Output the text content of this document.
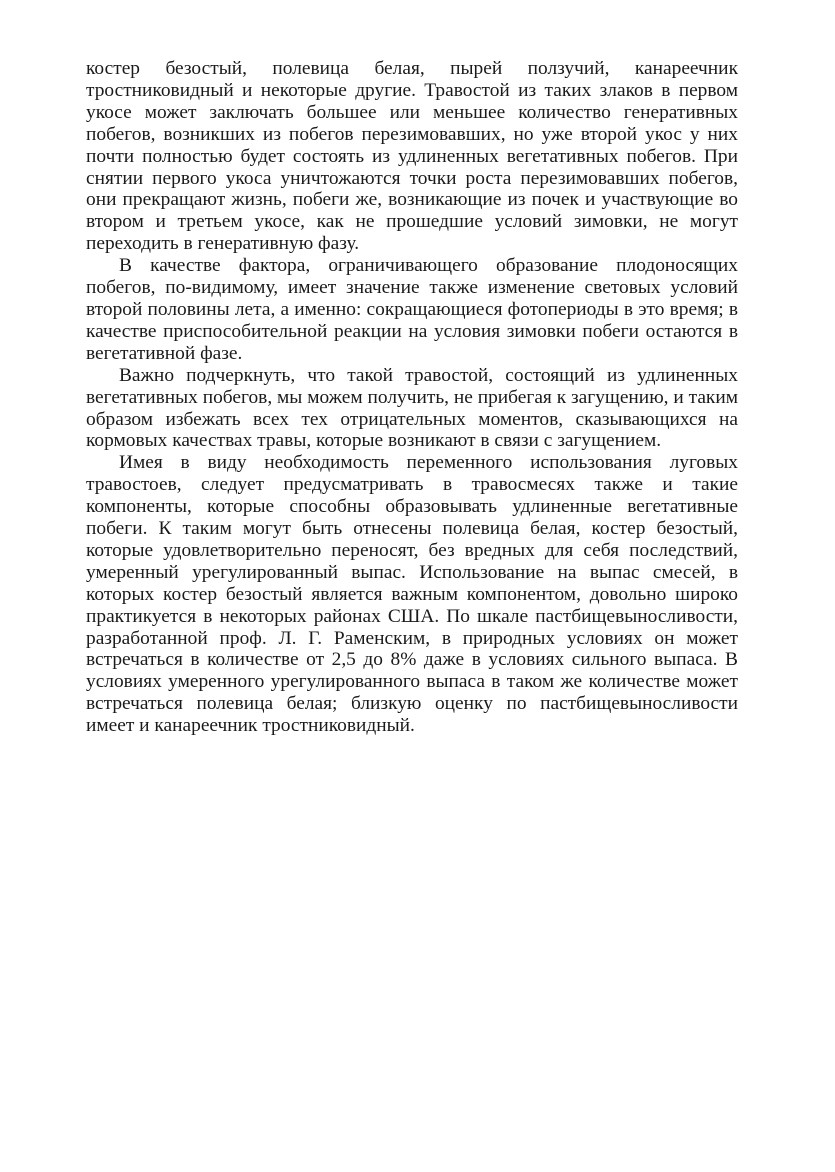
костер безостый, полевица белая, пырей ползучий, канареечник тростниковидный и некоторые другие. Травостой из таких злаков в первом укосе может заключать большее или меньшее количество генеративных побегов, возникших из побегов перезимовавших, но уже второй укос у них почти полностью будет состоять из удлиненных вегетативных побегов. При снятии первого укоса уничтожаются точки роста перезимовавших побегов, они прекращают жизнь, побеги же, возникающие из почек и участвующие во втором и третьем укосе, как не прошедшие условий зимовки, не могут переходить в генеративную фазу.

В качестве фактора, ограничивающего образование плодоносящих побегов, по-видимому, имеет значение также изменение световых условий второй половины лета, а именно: сокращающиеся фотопериоды в это время; в качестве приспособительной реакции на условия зимовки побеги остаются в вегетативной фазе.

Важно подчеркнуть, что такой травостой, состоящий из удлиненных вегетативных побегов, мы можем получить, не прибегая к загущению, и таким образом избежать всех тех отрицательных моментов, сказывающихся на кормовых качествах травы, которые возникают в связи с загущением.

Имея в виду необходимость переменного использования луговых травостоев, следует предусматривать в травосмесях также и такие компоненты, которые способны образовывать удлиненные вегетативные побеги. К таким могут быть отнесены полевица белая, костер безостый, которые удовлетворительно переносят, без вредных для себя последствий, умеренный урегулированный выпас. Использование на выпас смесей, в которых костер безостый является важным компонентом, довольно широко практикуется в некоторых районах США. По шкале пастбищевыносливости, разработанной проф. Л. Г. Раменским, в природных условиях он может встречаться в количестве от 2,5 до 8% даже в условиях сильного выпаса. В условиях умеренного урегулированного выпаса в таком же количестве может встречаться полевица белая; близкую оценку по пастбищевыносливости имеет и канареечник тростниковидный.
